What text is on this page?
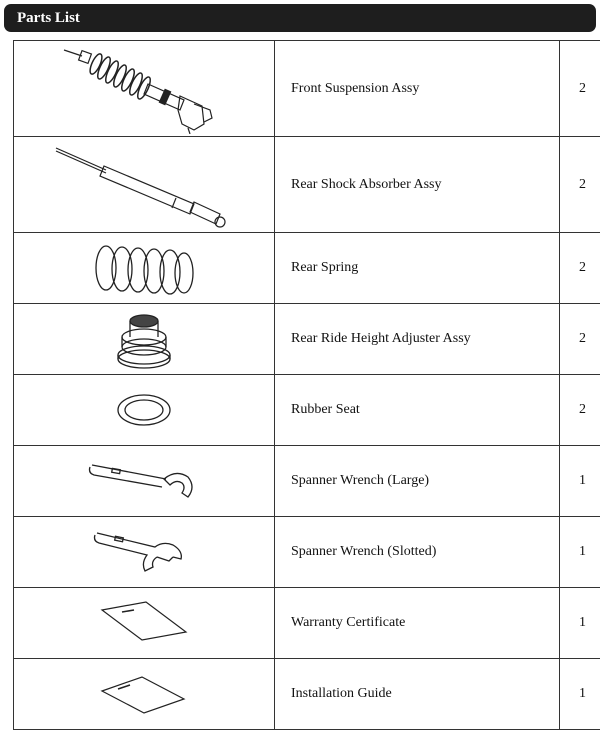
Parts List
	Front Suspension Assy	2

	Rear Shock Absorber Assy	2

	Rear Spring	2

	Rear Ride Height Adjuster Assy	2

	Rubber Seat	2

	Spanner Wrench (Large)	1

	Spanner Wrench (Slotted)	1

	Warranty Certificate	1

	Installation Guide	1
